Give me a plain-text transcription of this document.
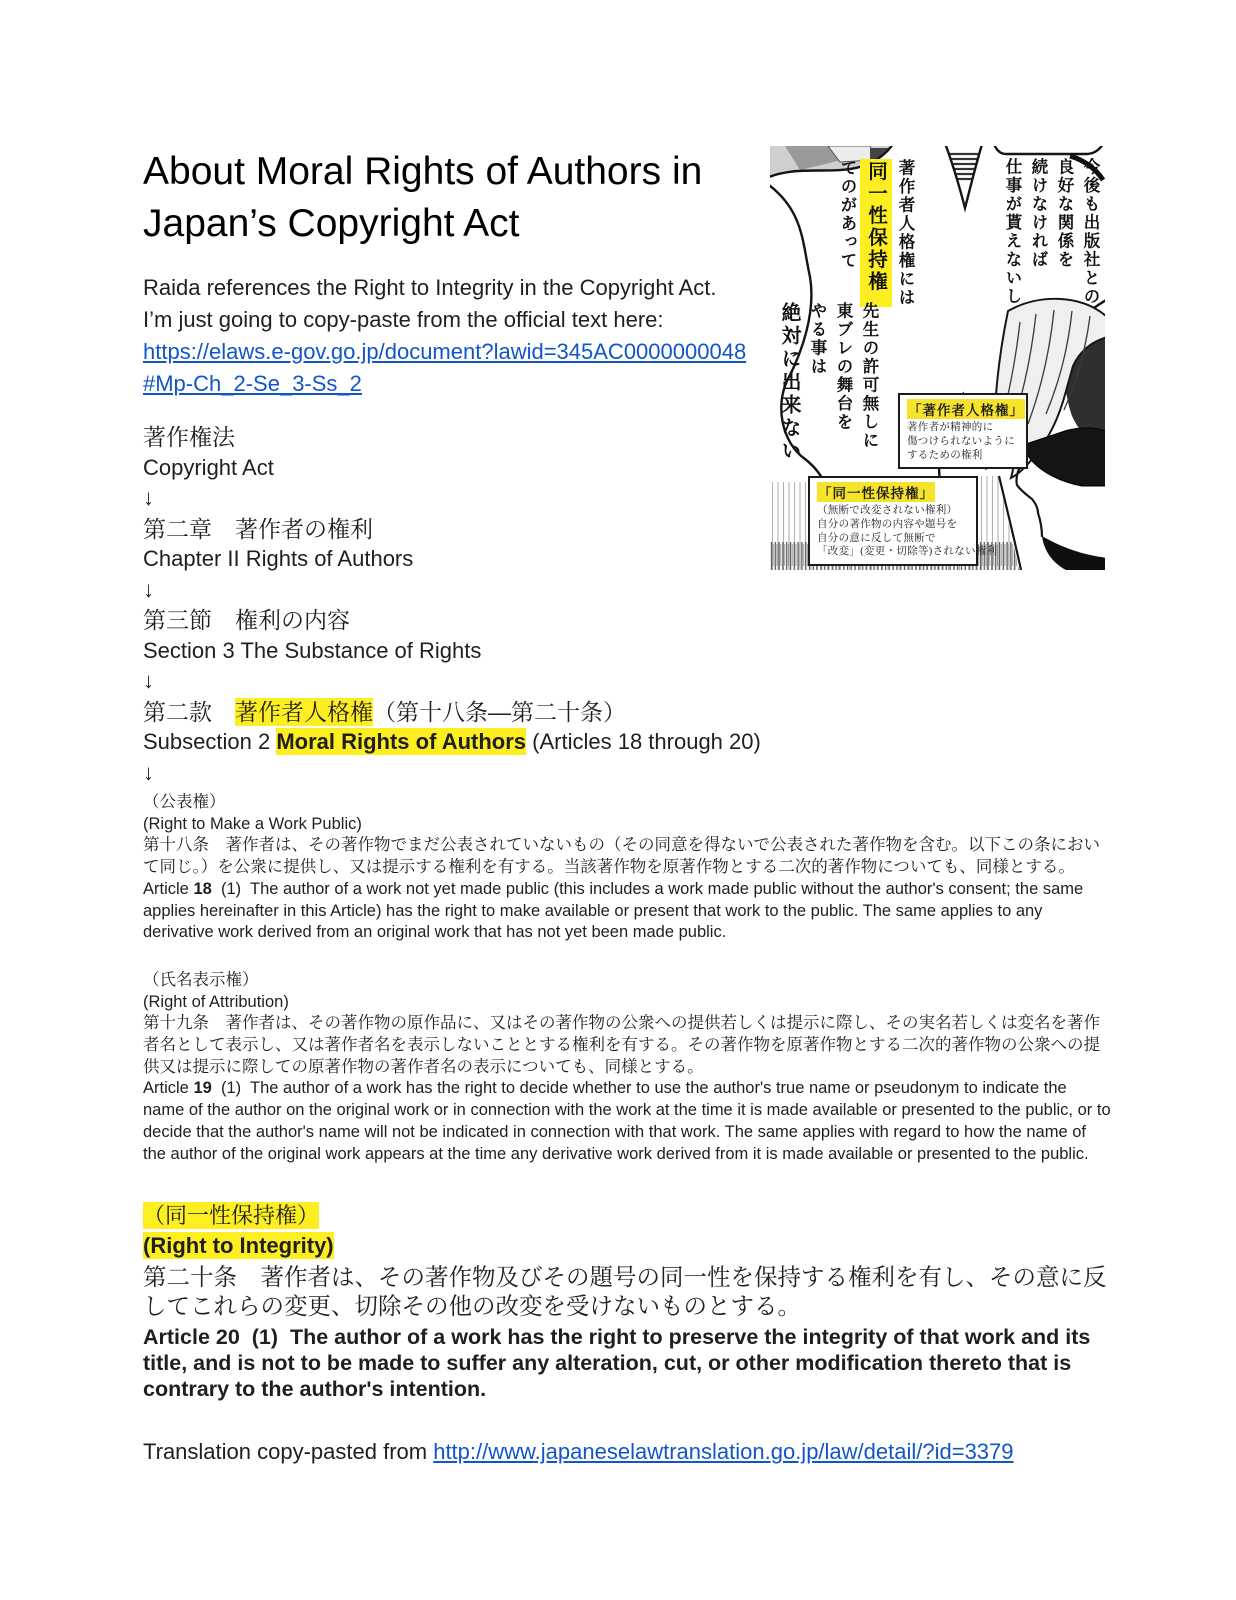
About Moral Rights of Authors in
Japan’s Copyright Act
Raida references the Right to Integrity in the Copyright Act.
I’m just going to copy-paste from the official text here:
https://elaws.e-gov.go.jp/document?lawid=345AC0000000048
#Mp-Ch_2-Se_3-Ss_2
著作権法
Copyright Act
↓
第二章　著作者の権利
Chapter II Rights of Authors
↓
第三節　権利の内容
Section 3 The Substance of Rights
↓
第二款　著作者人格権（第十八条—第二十条）
Subsection 2 Moral Rights of Authors (Articles 18 through 20)
↓
（公表権）
(Right to Make a Work Public)
第十八条　著作者は、その著作物でまだ公表されていないもの（その同意を得ないで公表された著作物を含む。以下この条において同じ。）を公衆に提供し、又は提示する権利を有する。当該著作物を原著作物とする二次的著作物についても、同様とする。
Article 18  (1)  The author of a work not yet made public (this includes a work made public without the author's consent; the same applies hereinafter in this Article) has the right to make available or present that work to the public. The same applies to any derivative work derived from an original work that has not yet been made public.
（氏名表示権）
(Right of Attribution)
第十九条　著作者は、その著作物の原作品に、又はその著作物の公衆への提供若しくは提示に際し、その実名若しくは変名を著作者名として表示し、又は著作者名を表示しないこととする権利を有する。その著作物を原著作物とする二次的著作物の公衆への提供又は提示に際しての原著作物の著作者名の表示についても、同様とする。
Article 19  (1)  The author of a work has the right to decide whether to use the author's true name or pseudonym to indicate the name of the author on the original work or in connection with the work at the time it is made available or presented to the public, or to decide that the author's name will not be indicated in connection with that work. The same applies with regard to how the name of the author of the original work appears at the time any derivative work derived from it is made available or presented to the public.
（同一性保持権）
(Right to Integrity)
第二十条　著作者は、その著作物及びその題号の同一性を保持する権利を有し、その意に反してこれらの変更、切除その他の改変を受けないものとする。
Article 20  (1)  The author of a work has the right to preserve the integrity of that work and its title, and is not to be made to suffer any alteration, cut, or other modification thereto that is contrary to the author's intention.
Translation copy-pasted from http://www.japaneselawtranslation.go.jp/law/detail/?id=3379
今後も出版社との
良好な関係を
続けなければ
仕事が貰えないし
著作者人格権には
同一性保持権
てのがあって
先生の許可無しに
東ブレの舞台を
やる事は
絶対に出来ない	「著作者人格権」
著作者が精神的に
傷つけられないように
するための権利
「同一性保持権」
（無断で改変されない権利）
自分の著作物の内容や題号を
自分の意に反して無断で
「改変」(変更・切除等)されない権利
